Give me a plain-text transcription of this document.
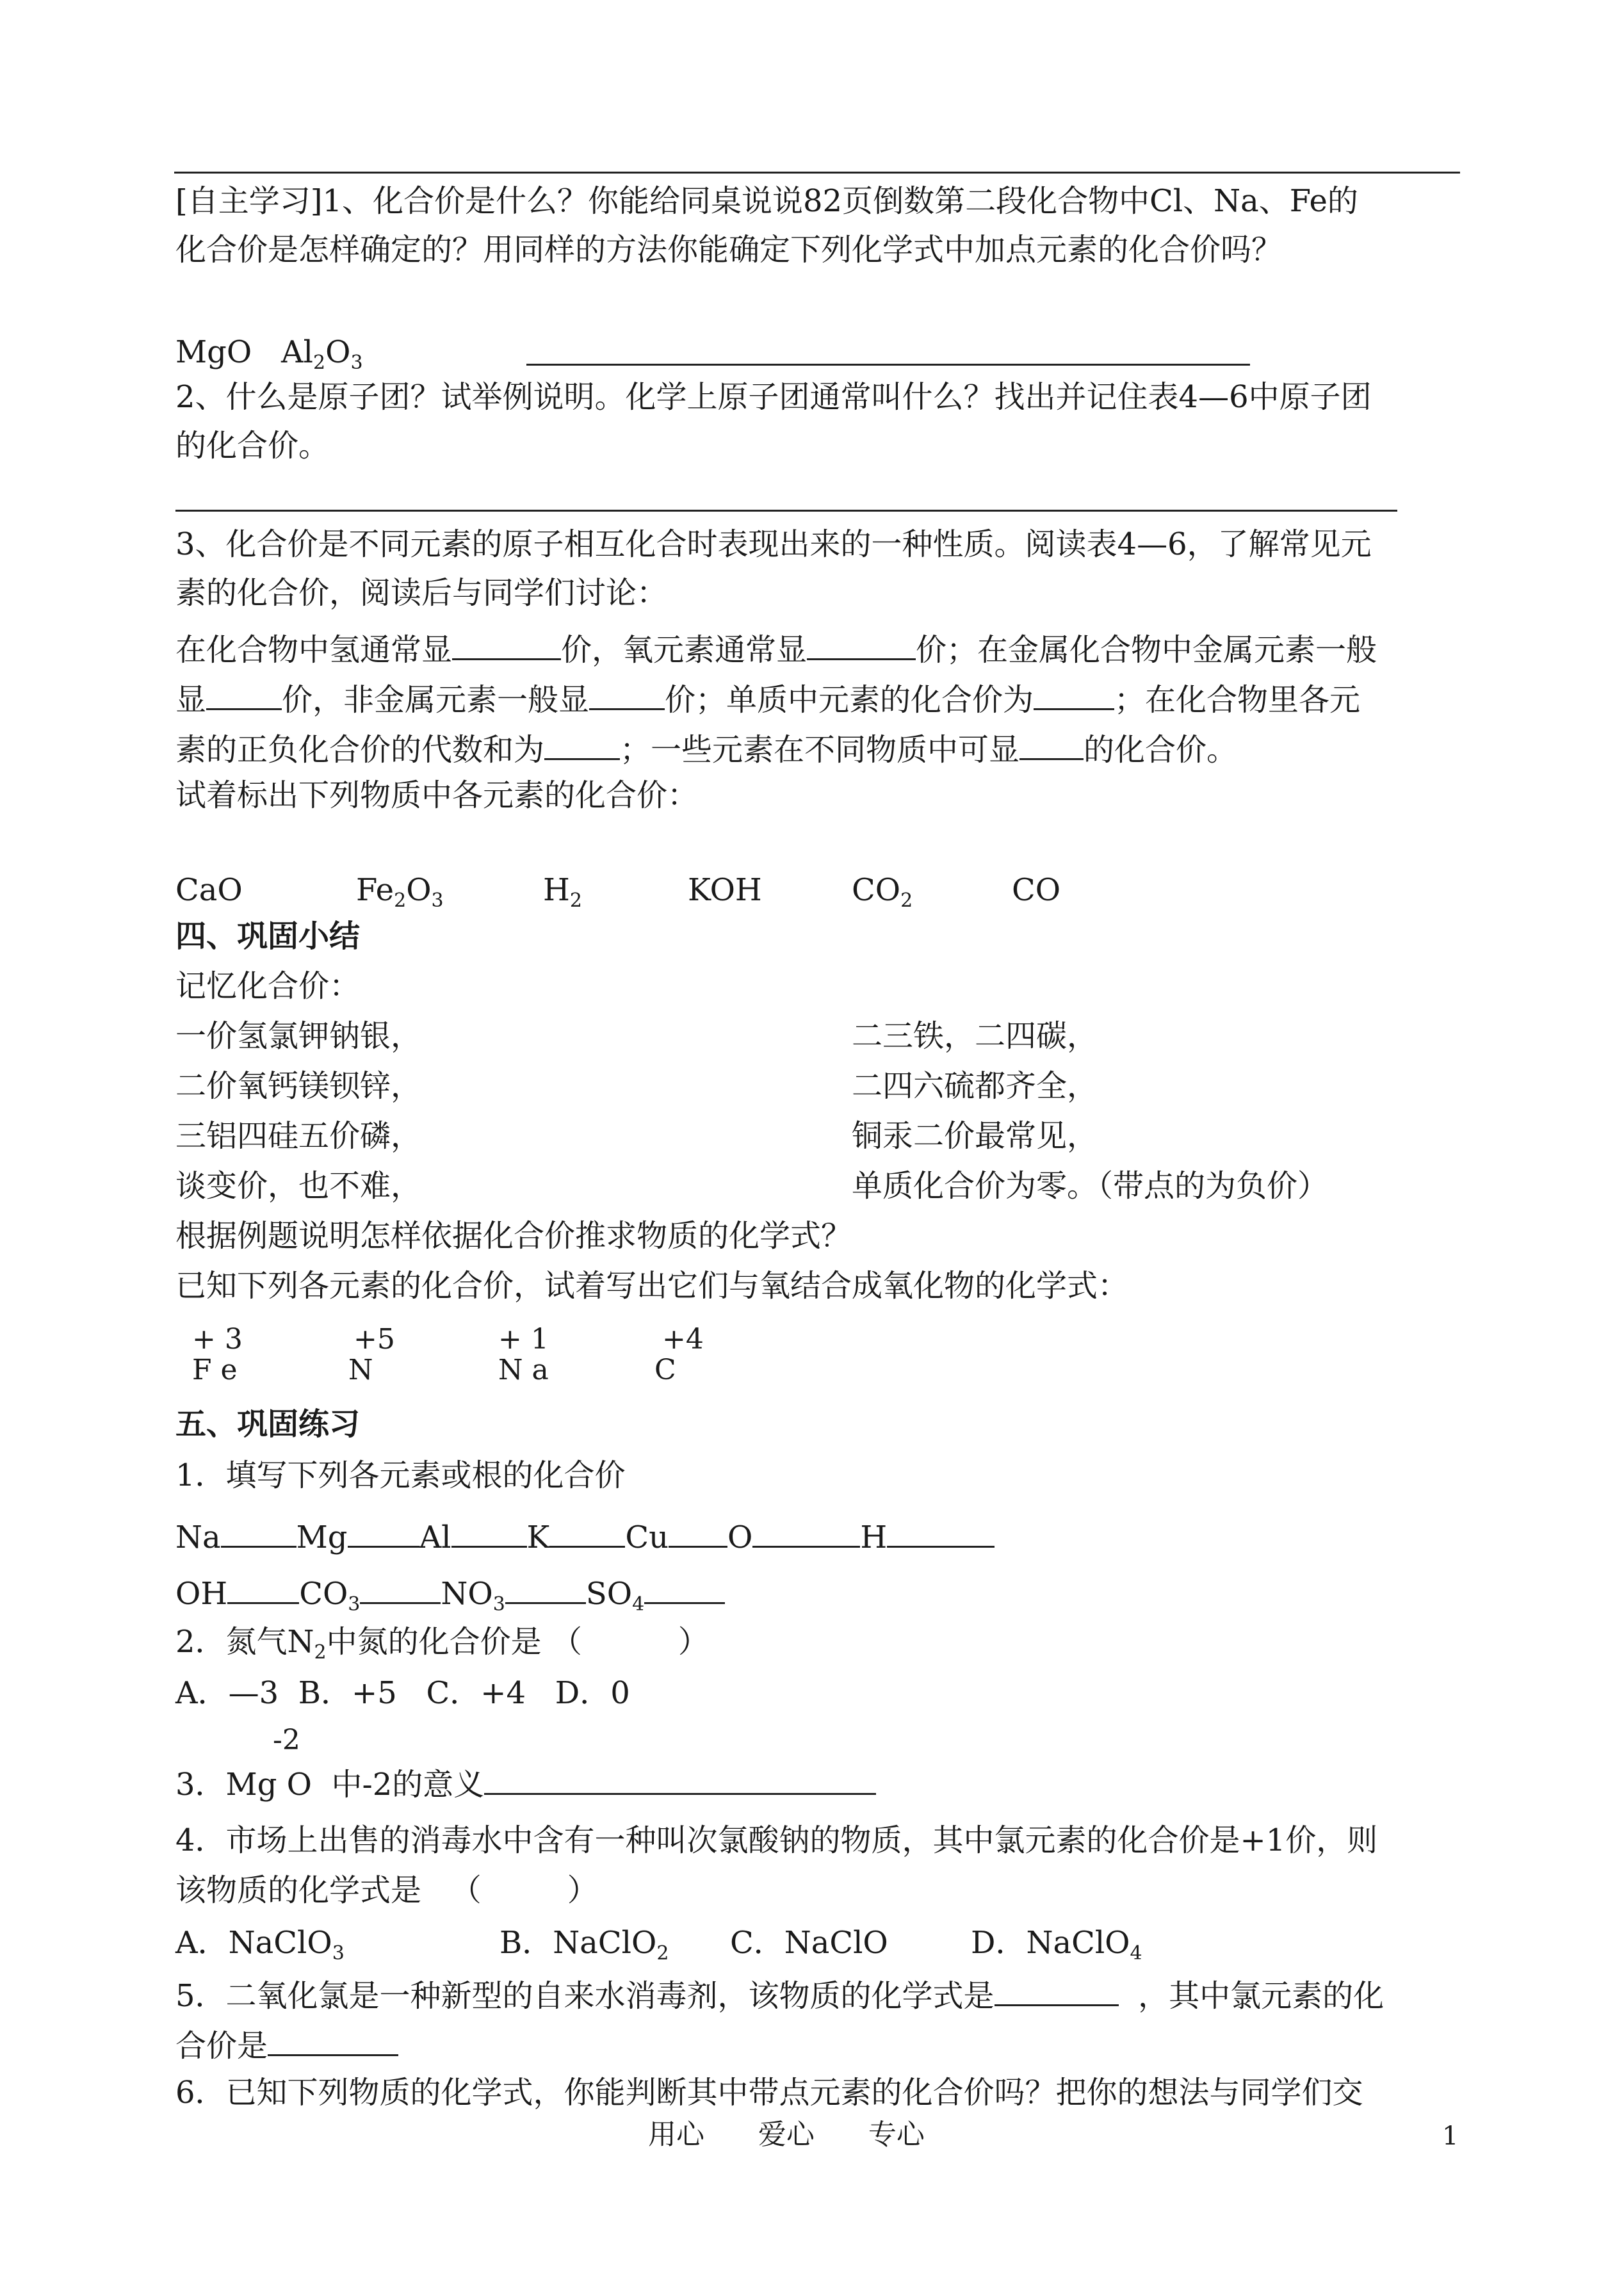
[自主学习]1、化合价是什么？你能给同桌说说82页倒数第二段化合物中Cl、Na、Fe的
化合价是怎样确定的？用同样的方法你能确定下列化学式中加点元素的化合价吗？
MgO $Al_2O_3$
2、什么是原子团？试举例说明。化学上原子团通常叫什么？找出并记住表4—6中原子团
的化合价。
3、化合价是不同元素的原子相互化合时表现出来的一种性质。阅读表4—6，了解常见元
素的化合价，阅读后与同学们讨论：
在化合物中氢通常显	价，氧元素通常显	价；在金属化合物中金属元素一般
显 价，非金属元素一般显 价；单质中元素的化合价为	；在化合物里各元
素的正负化合价的代数和为 ；一些元素在不同物质中可显 的化合价。
试着标出下列物质中各元素的化合价：
CaO	$Fe_2O_3$	$H_2$	KOH	$CO_2$	CO
四、巩固小结
记忆化合价：
一价氢氯钾钠银，
二价氧钙镁钡锌，
三铝四硅五价磷，
谈变价，也不难，
二三铁，二四碳，
二四六硫都齐全，
铜汞二价最常见，
单质化合价为零。（带点的为负价）
根据例题说明怎样依据化合价推求物质的化学式？
已知下列各元素的化合价，试着写出它们与氧结合成氧化物的化学式：
+ 3	+5	+ 1	+4
F e	N	N a	C
五、巩固练习
1．填写下列各元素或根的化合价
Na Mg Al K Cu O	H
OH $CO_3$	$NO_3$	$SO_4$
2．氮气$N_2$中氮的化合价是 （	）
A．—3  B．+5   C．+4   D．0
-2
3．Mg O  中-2的意义
4．市场上出售的消毒水中含有一种叫次氯酸钠的物质，其中氯元素的化合价是+1价，则
该物质的化学式是   （	）
A．NaClO$_3$	B．NaClO$_2$ C．NaClO	D．NaClO$_4$
5．二氧化氯是一种新型的自来水消毒剂，该物质的化学式是	，其中氯元素的化
合价是
6．已知下列物质的化学式，你能判断其中带点元素的化合价吗？把你的想法与同学们交
用心      爱心      专心	1
